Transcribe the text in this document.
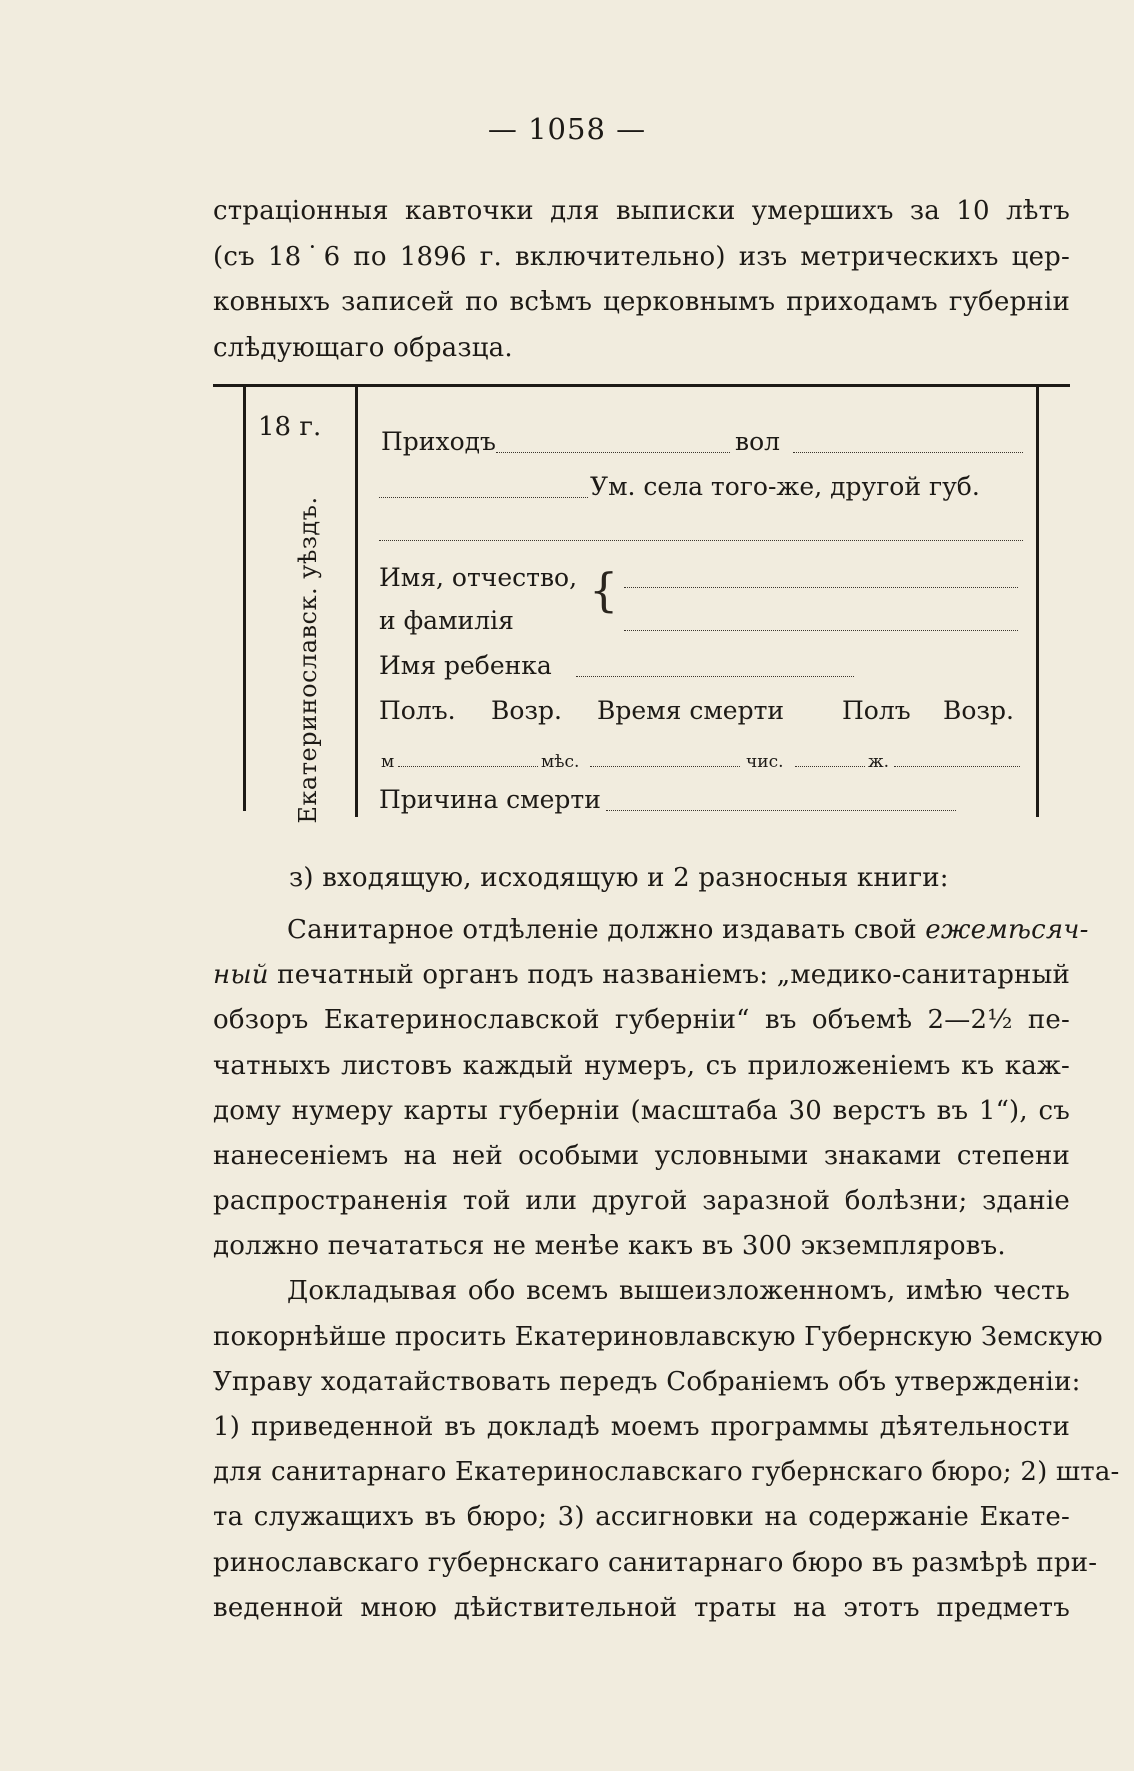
— 1058 —
страціонныя кавточки для выписки умершихъ за 10 лѣтъ
(съ 18˙6 по 1896 г. включительно) изъ метрическихъ цер-
ковныхъ записей по всѣмъ церковнымъ приходамъ губерніи
слѣдующаго образца.
18 г.
Екатеринославск. уѣздъ.
Приходъ	вол
Ум. села того-же, другой губ.
Имя, отчество,
и фамилія
{
Имя ребенка
Полъ. Возр. Время смерти Полъ Возр.
м	мѣс.	чис.	ж.
Причина смерти
з) входящую, исходящую и 2 разносныя книги:
Санитарное отдѣленіе должно издавать свой ежемѣсяч-
ный печатный органъ подъ названіемъ: „медико-санитарный
обзоръ Екатеринославской губерніи“ въ объемѣ 2—2½ пе-
чатныхъ листовъ каждый нумеръ, съ приложеніемъ къ каж-
дому нумеру карты губерніи (масштаба 30 верстъ въ 1“), съ
нанесеніемъ на ней особыми условными знаками степени
распространенія той или другой заразной болѣзни; зданіе
должно печататься не менѣе какъ въ 300 экземпляровъ.
Докладывая обо всемъ вышеизложенномъ, имѣю честь
покорнѣйше просить Екатериновлавскую Губернскую Земскую
Управу ходатайствовать передъ Собраніемъ объ утвержденіи:
1) приведенной въ докладѣ моемъ программы дѣятельности
для санитарнаго Екатеринославскаго губернскаго бюро; 2) шта-
та служащихъ въ бюро; 3) ассигновки на содержаніе Екате-
ринославскаго губернскаго санитарнаго бюро въ размѣрѣ при-
веденной мною дѣйствительной траты на этотъ предметъ
